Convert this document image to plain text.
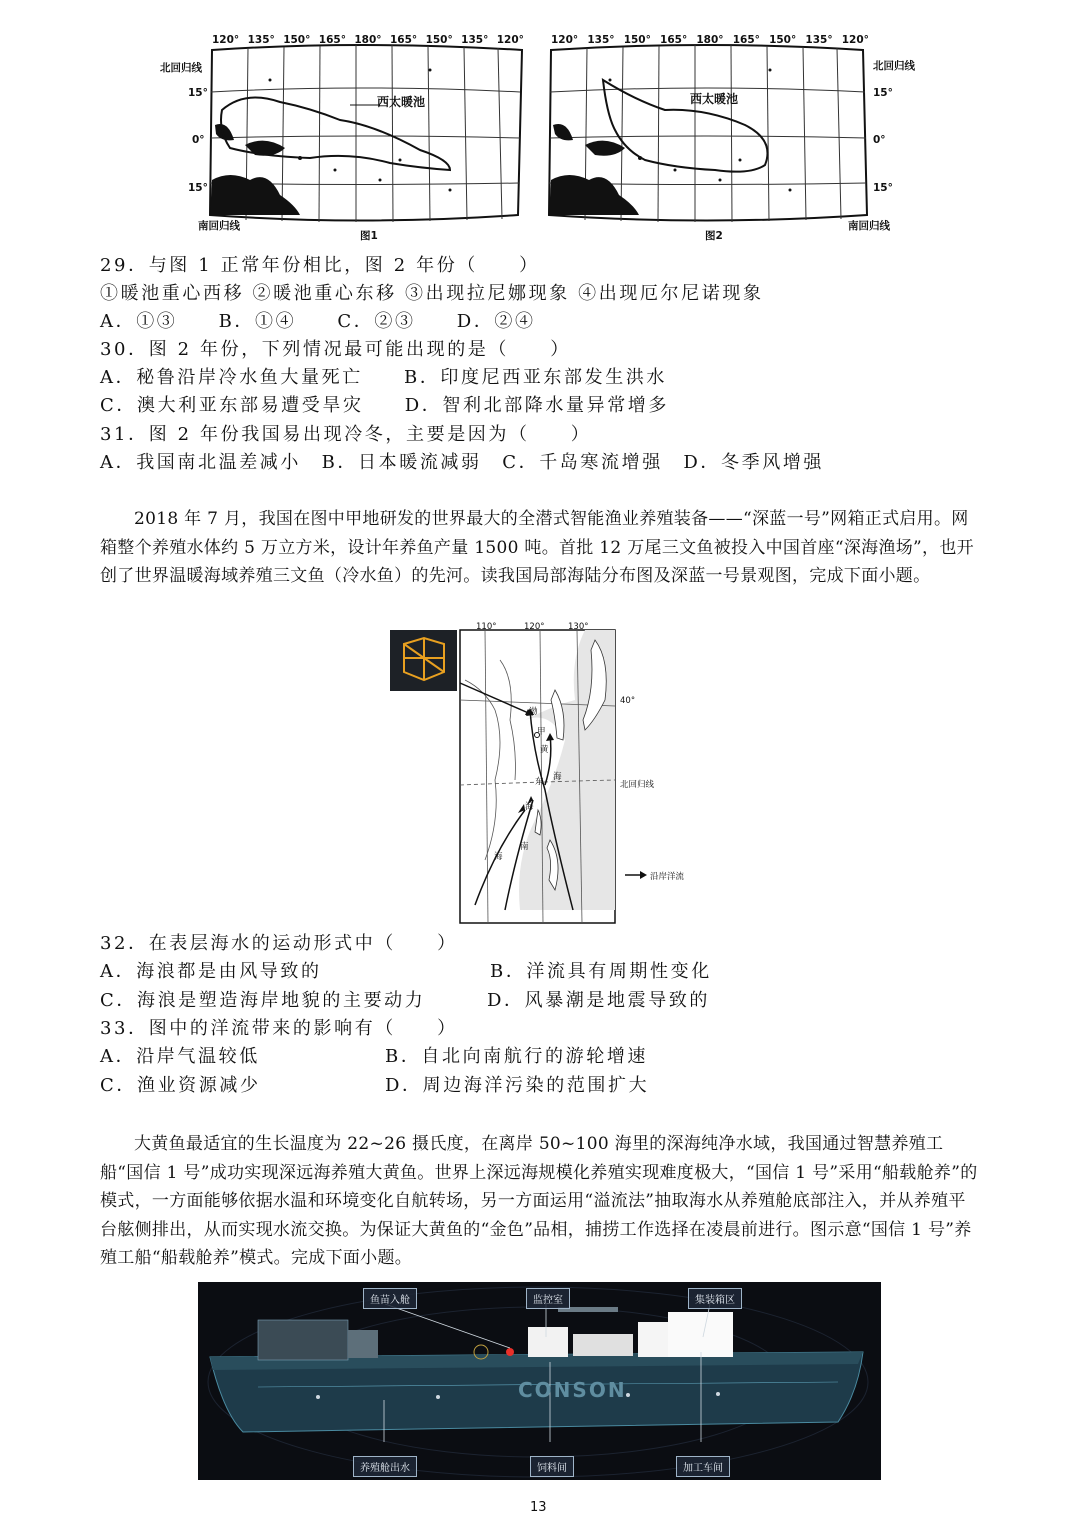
120° 135° 150° 165° 180° 165° 150° 135° 120°
北回归线
15°
0°
15°
南回归线
西太暖池
图1
120° 135° 150° 165° 180° 165° 150° 135° 120°
北回归线
15°
0°
15°
南回归线
西太暖池
图2
29．与图 1 正常年份相比，图 2 年份（　　）
①暖池重心西移 ②暖池重心东移 ③出现拉尼娜现象 ④出现厄尔尼诺现象
A．①③　　B．①④　　C．②③　　D．②④
30．图 2 年份，下列情况最可能出现的是（　　）
A．秘鲁沿岸冷水鱼大量死亡　　B．印度尼西亚东部发生洪水
C．澳大利亚东部易遭受旱灾　　D．智利北部降水量异常增多
31．图 2 年份我国易出现冷冬，主要是因为（　　）
A．我国南北温差减小　B．日本暖流减弱　C．千岛寒流增强　D．冬季风增强
2018 年 7 月，我国在图中甲地研发的世界最大的全潜式智能渔业养殖装备——“深蓝一号”网箱正式启用。网箱整个养殖水体约 5 万立方米，设计年养鱼产量 1500 吨。首批 12 万尾三文鱼被投入中国首座“深海渔场”，也开创了世界温暖海域养殖三文鱼（冷水鱼）的先河。读我国局部海陆分布图及深蓝一号景观图，完成下面小题。
110°	120°	130°
40°
北回归线
沿岸洋流
渤
甲
黄
海
东
海
南
海
32．在表层海水的运动形式中（　　）
A．海浪都是由风导致的	B．洋流具有周期性变化
C．海浪是塑造海岸地貌的主要动力	D．风暴潮是地震导致的
33．图中的洋流带来的影响有（　　）
A．沿岸气温较低	B．自北向南航行的游轮增速
C．渔业资源减少	D．周边海洋污染的范围扩大
大黄鱼最适宜的生长温度为 22~26 摄氏度，在离岸 50~100 海里的深海纯净水域，我国通过智慧养殖工船“国信 1 号”成功实现深远海养殖大黄鱼。世界上深远海规模化养殖实现难度极大，“国信 1 号”采用“船载舱养”的模式，一方面能够依据水温和环境变化自航转场，另一方面运用“溢流法”抽取海水从养殖舱底部注入，并从养殖平台舷侧排出，从而实现水流交换。为保证大黄鱼的“金色”品相，捕捞工作选择在凌晨前进行。图示意“国信 1 号”养殖工船“船载舱养”模式。完成下面小题。
CONSON
鱼苗入舱	监控室	集装箱区
养殖舱出水	饲料间	加工车间
13
